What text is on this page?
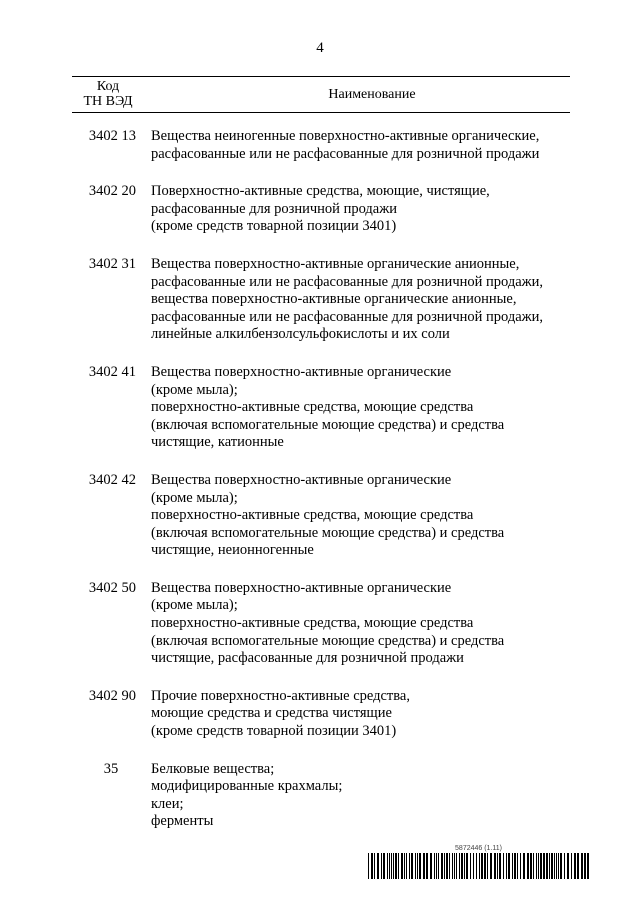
4
Код
ТН ВЭД	Наименование
3402 13 Вещества неиногенные поверхностно-активные органические,
расфасованные или не расфасованные для розничной продажи
3402 20 Поверхностно-активные средства, моющие, чистящие,
расфасованные для розничной продажи
(кроме средств товарной позиции 3401)
3402 31 Вещества поверхностно-активные органические анионные,
расфасованные или не расфасованные для розничной продажи,
вещества поверхностно-активные органические анионные,
расфасованные или не расфасованные для розничной продажи,
линейные алкилбензолсульфокислоты и их соли
3402 41 Вещества поверхностно-активные органические
(кроме мыла);
поверхностно-активные средства, моющие средства
(включая вспомогательные моющие средства) и средства
чистящие, катионные
3402 42 Вещества поверхностно-активные органические
(кроме мыла);
поверхностно-активные средства, моющие средства
(включая вспомогательные моющие средства) и средства
чистящие, неионногенные
3402 50 Вещества поверхностно-активные органические
(кроме мыла);
поверхностно-активные средства, моющие средства
(включая вспомогательные моющие средства) и средства
чистящие, расфасованные для розничной продажи
3402 90 Прочие поверхностно-активные средства,
моющие средства и средства чистящие
(кроме средств товарной позиции 3401)
35 Белковые вещества;
модифицированные крахмалы;
клеи;
ферменты
5872446 (1.11)
